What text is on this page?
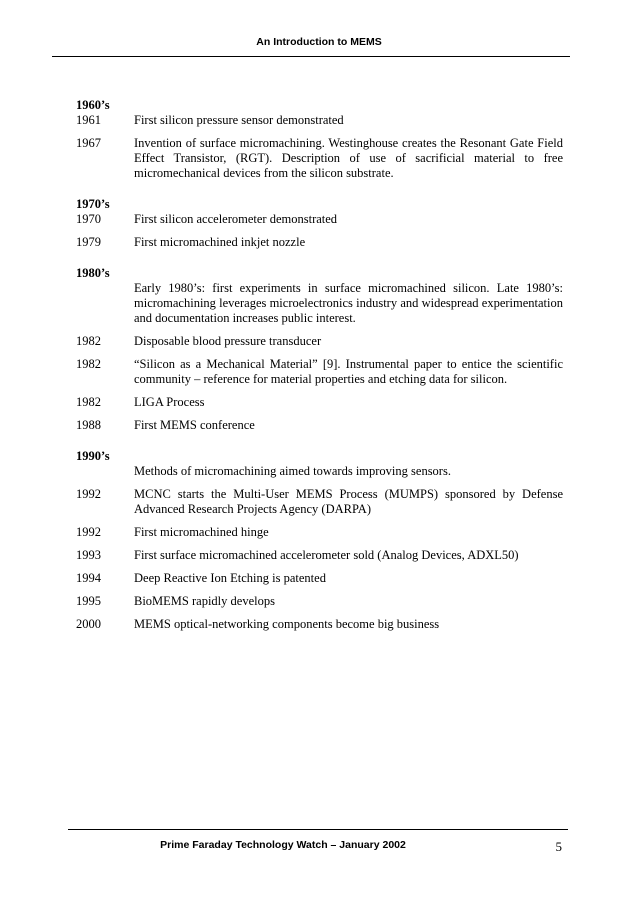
An Introduction to MEMS
1960’s
1961	First silicon pressure sensor demonstrated
1967	Invention of surface micromachining. Westinghouse creates the Resonant Gate Field Effect Transistor, (RGT). Description of use of sacrificial material to free micromechanical devices from the silicon substrate.
1970’s
1970	First silicon accelerometer demonstrated
1979	First micromachined inkjet nozzle
1980’s
Early 1980’s: first experiments in surface micromachined silicon. Late 1980’s: micromachining leverages microelectronics industry and widespread experimentation and documentation increases public interest.
1982	Disposable blood pressure transducer
1982	“Silicon as a Mechanical Material” [9]. Instrumental paper to entice the scientific community – reference for material properties and etching data for silicon.
1982	LIGA Process
1988	First MEMS conference
1990’s
Methods of micromachining aimed towards improving sensors.
1992	MCNC starts the Multi-User MEMS Process (MUMPS) sponsored by Defense Advanced Research Projects Agency (DARPA)
1992	First micromachined hinge
1993	First surface micromachined accelerometer sold (Analog Devices, ADXL50)
1994	Deep Reactive Ion Etching is patented
1995	BioMEMS rapidly develops
2000	MEMS optical-networking components become big business
Prime Faraday Technology Watch – January 2002	5
